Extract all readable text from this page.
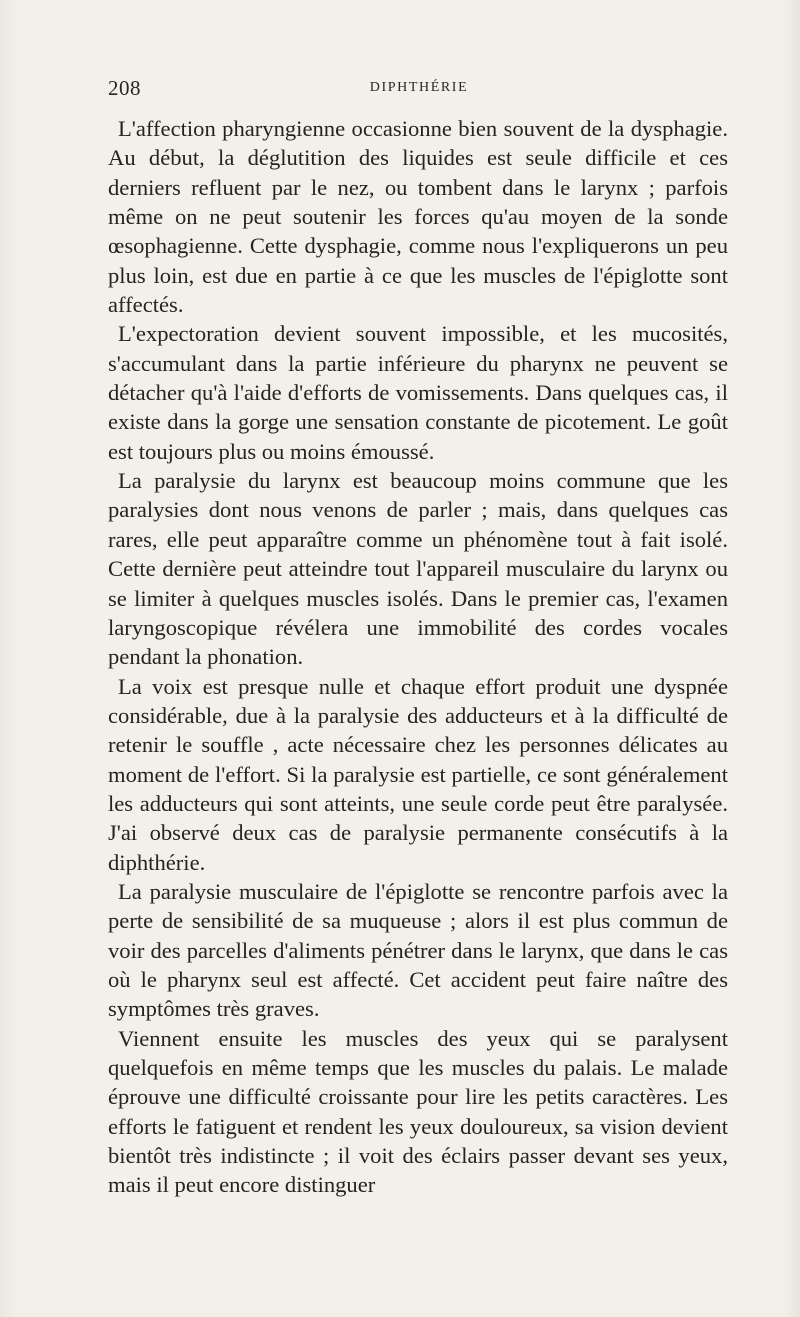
208	DIPHTHÉRIE

L'affection pharyngienne occasionne bien souvent de la dysphagie. Au début, la déglutition des liquides est seule difficile et ces derniers refluent par le nez, ou tombent dans le larynx ; parfois même on ne peut soutenir les forces qu'au moyen de la sonde œsophagienne. Cette dysphagie, comme nous l'expliquerons un peu plus loin, est due en partie à ce que les muscles de l'épiglotte sont affectés.

L'expectoration devient souvent impossible, et les mucosités, s'accumulant dans la partie inférieure du pharynx ne peuvent se détacher qu'à l'aide d'efforts de vomissements. Dans quelques cas, il existe dans la gorge une sensation constante de picotement. Le goût est toujours plus ou moins émoussé.

La paralysie du larynx est beaucoup moins commune que les paralysies dont nous venons de parler ; mais, dans quelques cas rares, elle peut apparaître comme un phénomène tout à fait isolé. Cette dernière peut atteindre tout l'appareil musculaire du larynx ou se limiter à quelques muscles isolés. Dans le premier cas, l'examen laryngoscopique révélera une immobilité des cordes vocales pendant la phonation.

La voix est presque nulle et chaque effort produit une dyspnée considérable, due à la paralysie des adducteurs et à la difficulté de retenir le souffle , acte nécessaire chez les personnes délicates au moment de l'effort. Si la paralysie est partielle, ce sont généralement les adducteurs qui sont atteints, une seule corde peut être paralysée. J'ai observé deux cas de paralysie permanente consécutifs à la diphthérie.

La paralysie musculaire de l'épiglotte se rencontre parfois avec la perte de sensibilité de sa muqueuse ; alors il est plus commun de voir des parcelles d'aliments pénétrer dans le larynx, que dans le cas où le pharynx seul est affecté. Cet accident peut faire naître des symptômes très graves.

Viennent ensuite les muscles des yeux qui se paralysent quelquefois en même temps que les muscles du palais. Le malade éprouve une difficulté croissante pour lire les petits caractères. Les efforts le fatiguent et rendent les yeux douloureux, sa vision devient bientôt très indistincte ; il voit des éclairs passer devant ses yeux, mais il peut encore distinguer
